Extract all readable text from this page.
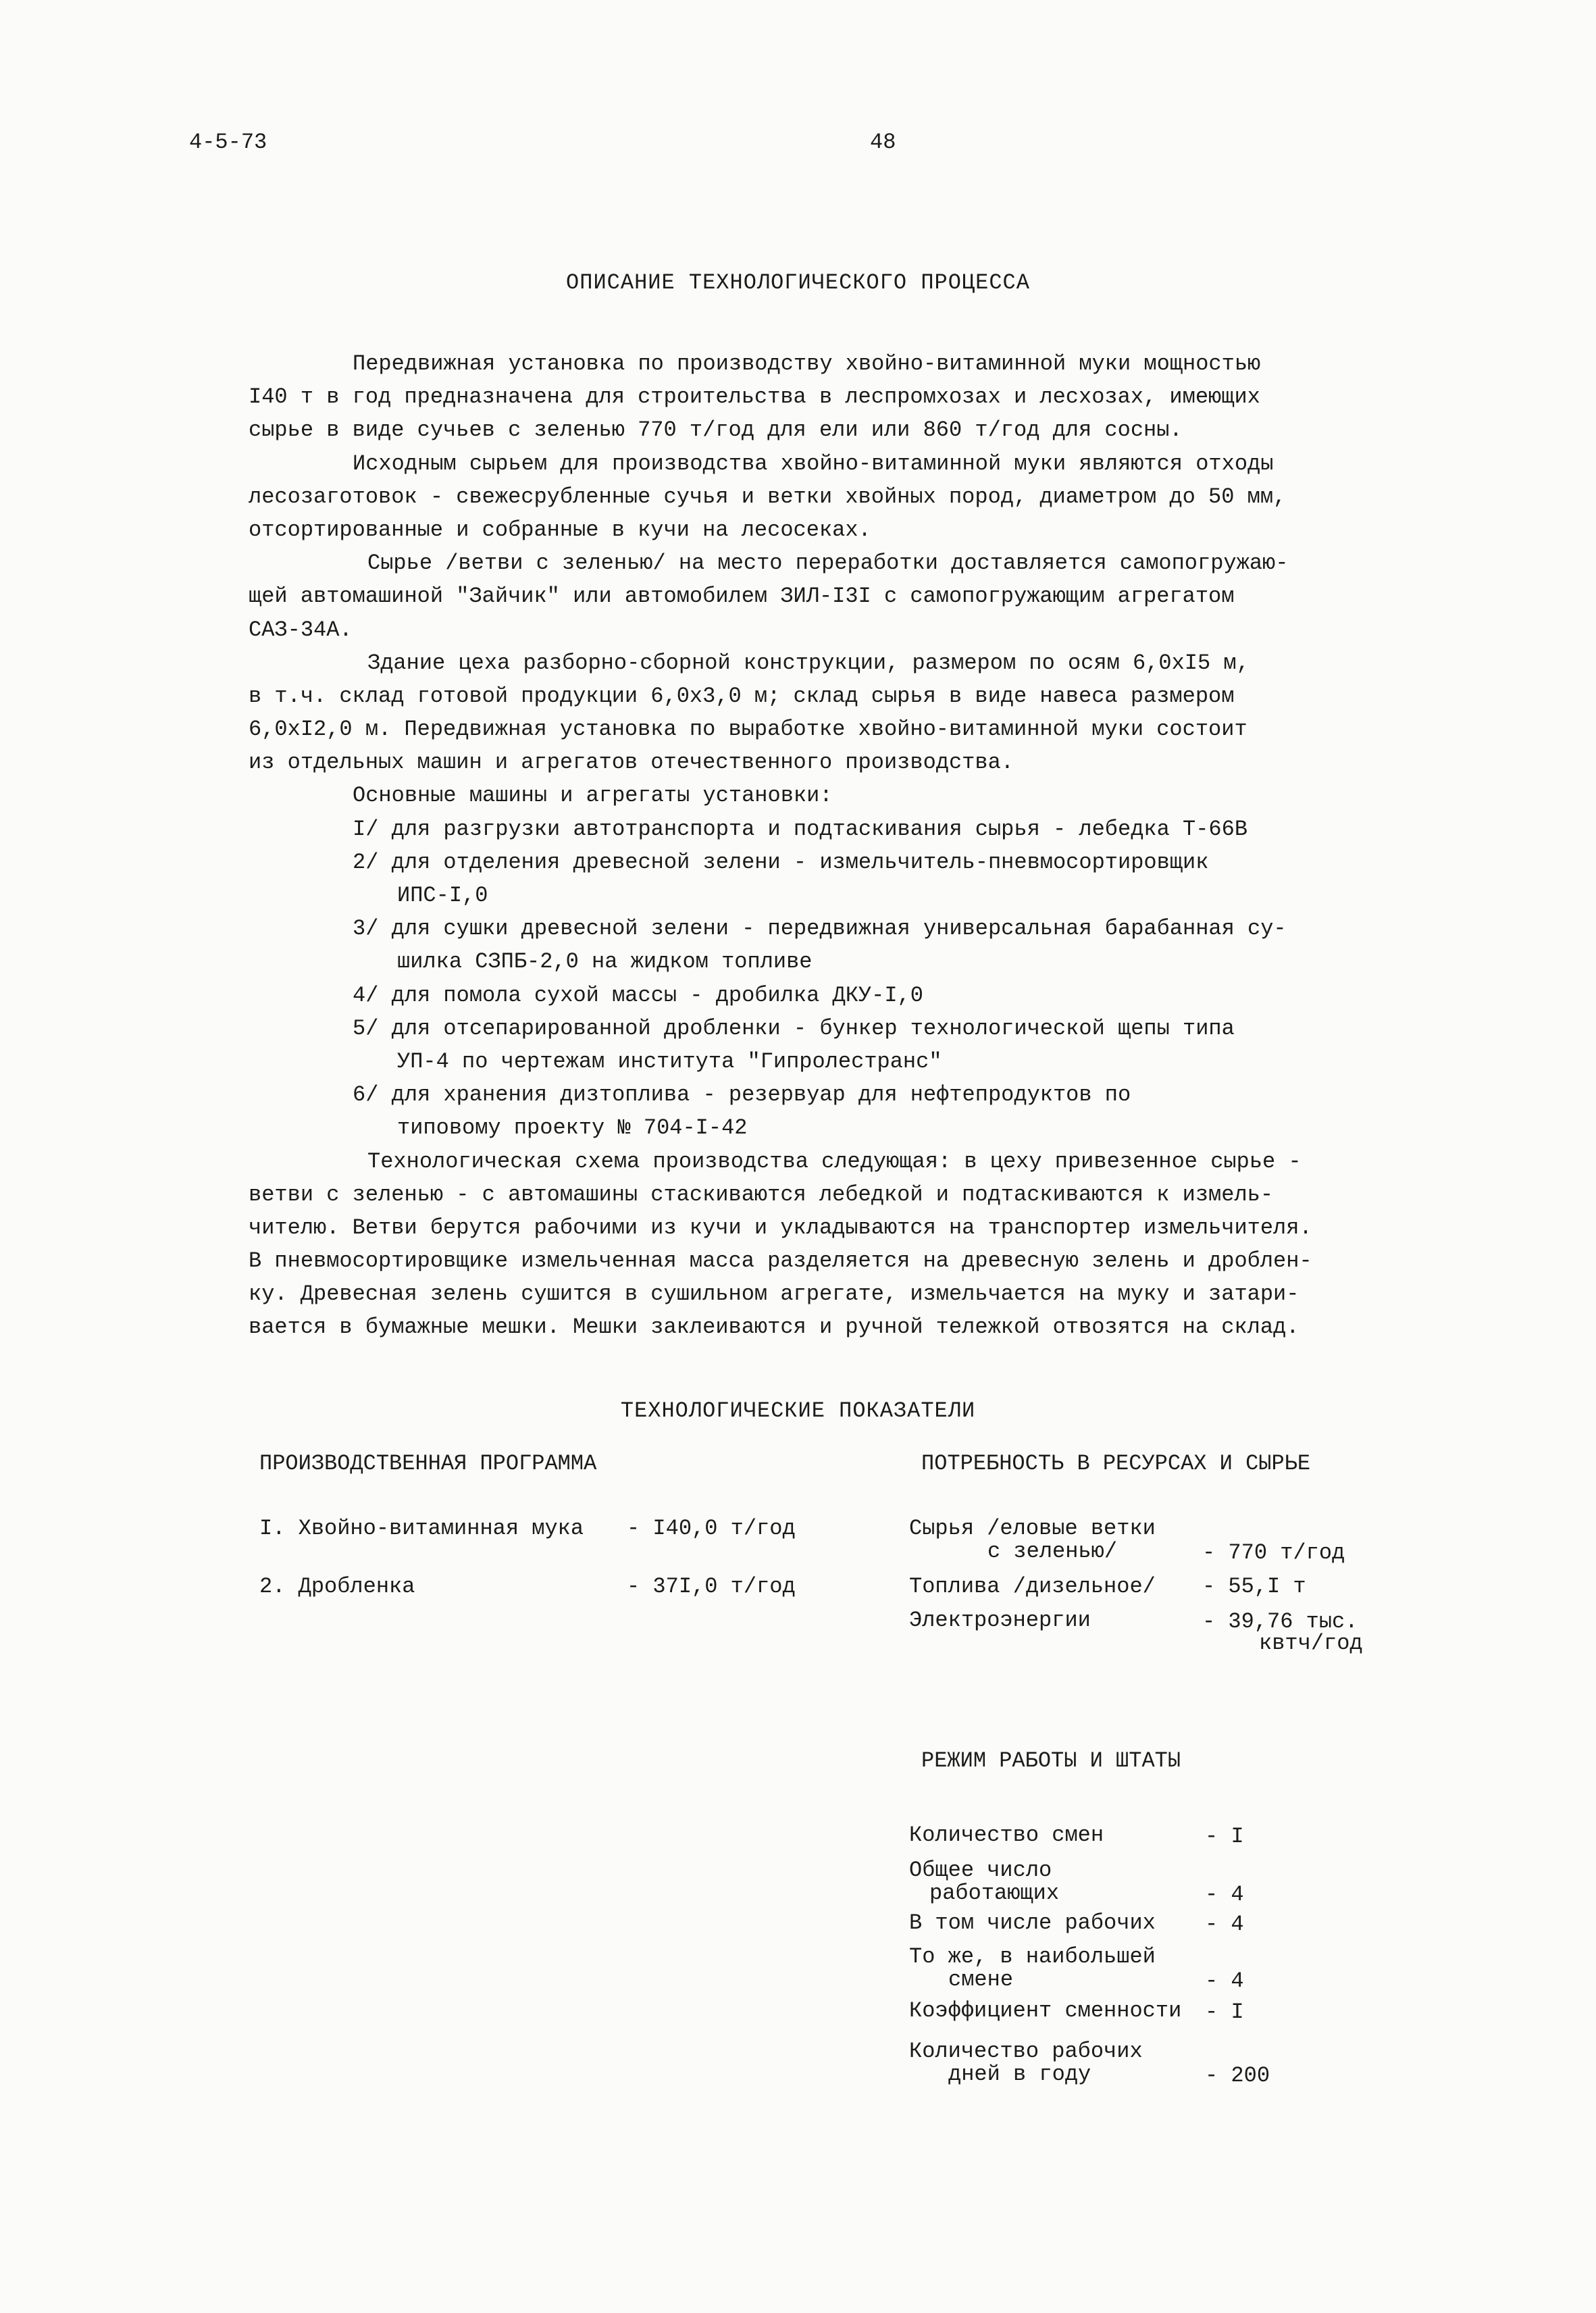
4-5-73	48
ОПИСАНИЕ ТЕХНОЛОГИЧЕСКОГО ПРОЦЕССА
Передвижная установка по производству хвойно-витаминной муки мощностью
I40 т в год предназначена для строительства в леспромхозах и лесхозах, имеющих
сырье в виде сучьев с зеленью 770 т/год для ели или 860 т/год для сосны.
Исходным сырьем для производства хвойно-витаминной муки являются отходы
лесозаготовок - свежесрубленные сучья и ветки хвойных пород, диаметром до 50 мм,
отсортированные и собранные в кучи на лесосеках.
Сырье /ветви с зеленью/ на место переработки доставляется самопогружаю-
щей автомашиной "Зайчик" или автомобилем ЗИЛ-I3I с самопогружающим агрегатом
САЗ-34А.
Здание цеха разборно-сборной конструкции, размером по осям 6,0xI5 м,
в т.ч. склад готовой продукции 6,0x3,0 м; склад сырья в виде навеса размером
6,0xI2,0 м. Передвижная установка по выработке хвойно-витаминной муки состоит
из отдельных машин и агрегатов отечественного производства.
Основные машины и агрегаты установки:
I/ для разгрузки автотранспорта и подтаскивания сырья - лебедка Т-66В
2/ для отделения древесной зелени - измельчитель-пневмосортировщик
ИПС-I,0
3/ для сушки древесной зелени - передвижная универсальная барабанная су-
шилка СЗПБ-2,0 на жидком топливе
4/ для помола сухой массы - дробилка ДКУ-I,0
5/ для отсепарированной дробленки - бункер технологической щепы типа
УП-4 по чертежам института "Гипролестранс"
6/ для хранения дизтоплива - резервуар для нефтепродуктов по
типовому проекту № 704-I-42
Технологическая схема производства следующая: в цеху привезенное сырье -
ветви с зеленью - с автомашины стаскиваются лебедкой и подтаскиваются к измель-
чителю. Ветви берутся рабочими из кучи и укладываются на транспортер измельчителя.
В пневмосортировщике измельченная масса разделяется на древесную зелень и дроблен-
ку. Древесная зелень сушится в сушильном агрегате, измельчается на муку и затари-
вается в бумажные мешки. Мешки заклеиваются и ручной тележкой отвозятся на склад.
ТЕХНОЛОГИЧЕСКИЕ ПОКАЗАТЕЛИ
ПРОИЗВОДСТВЕННАЯ ПРОГРАММА	ПОТРЕБНОСТЬ В РЕСУРСАХ И СЫРЬЕ
I. Хвойно-витаминная мука - I40,0 т/год
2. Дробленка	- 37I,0 т/год
Сырья /еловые ветки
с зеленью/	- 770 т/год
Топлива /дизельное/ - 55,I т
Электроэнергии	- 39,76 тыс.
квтч/год
РЕЖИМ РАБОТЫ И ШТАТЫ
Количество смен	- I
Общее число
работающих	- 4
В том числе рабочих - 4
То же, в наибольшей
смене	- 4
Коэффициент сменности - I
Количество рабочих
дней в году	- 200
